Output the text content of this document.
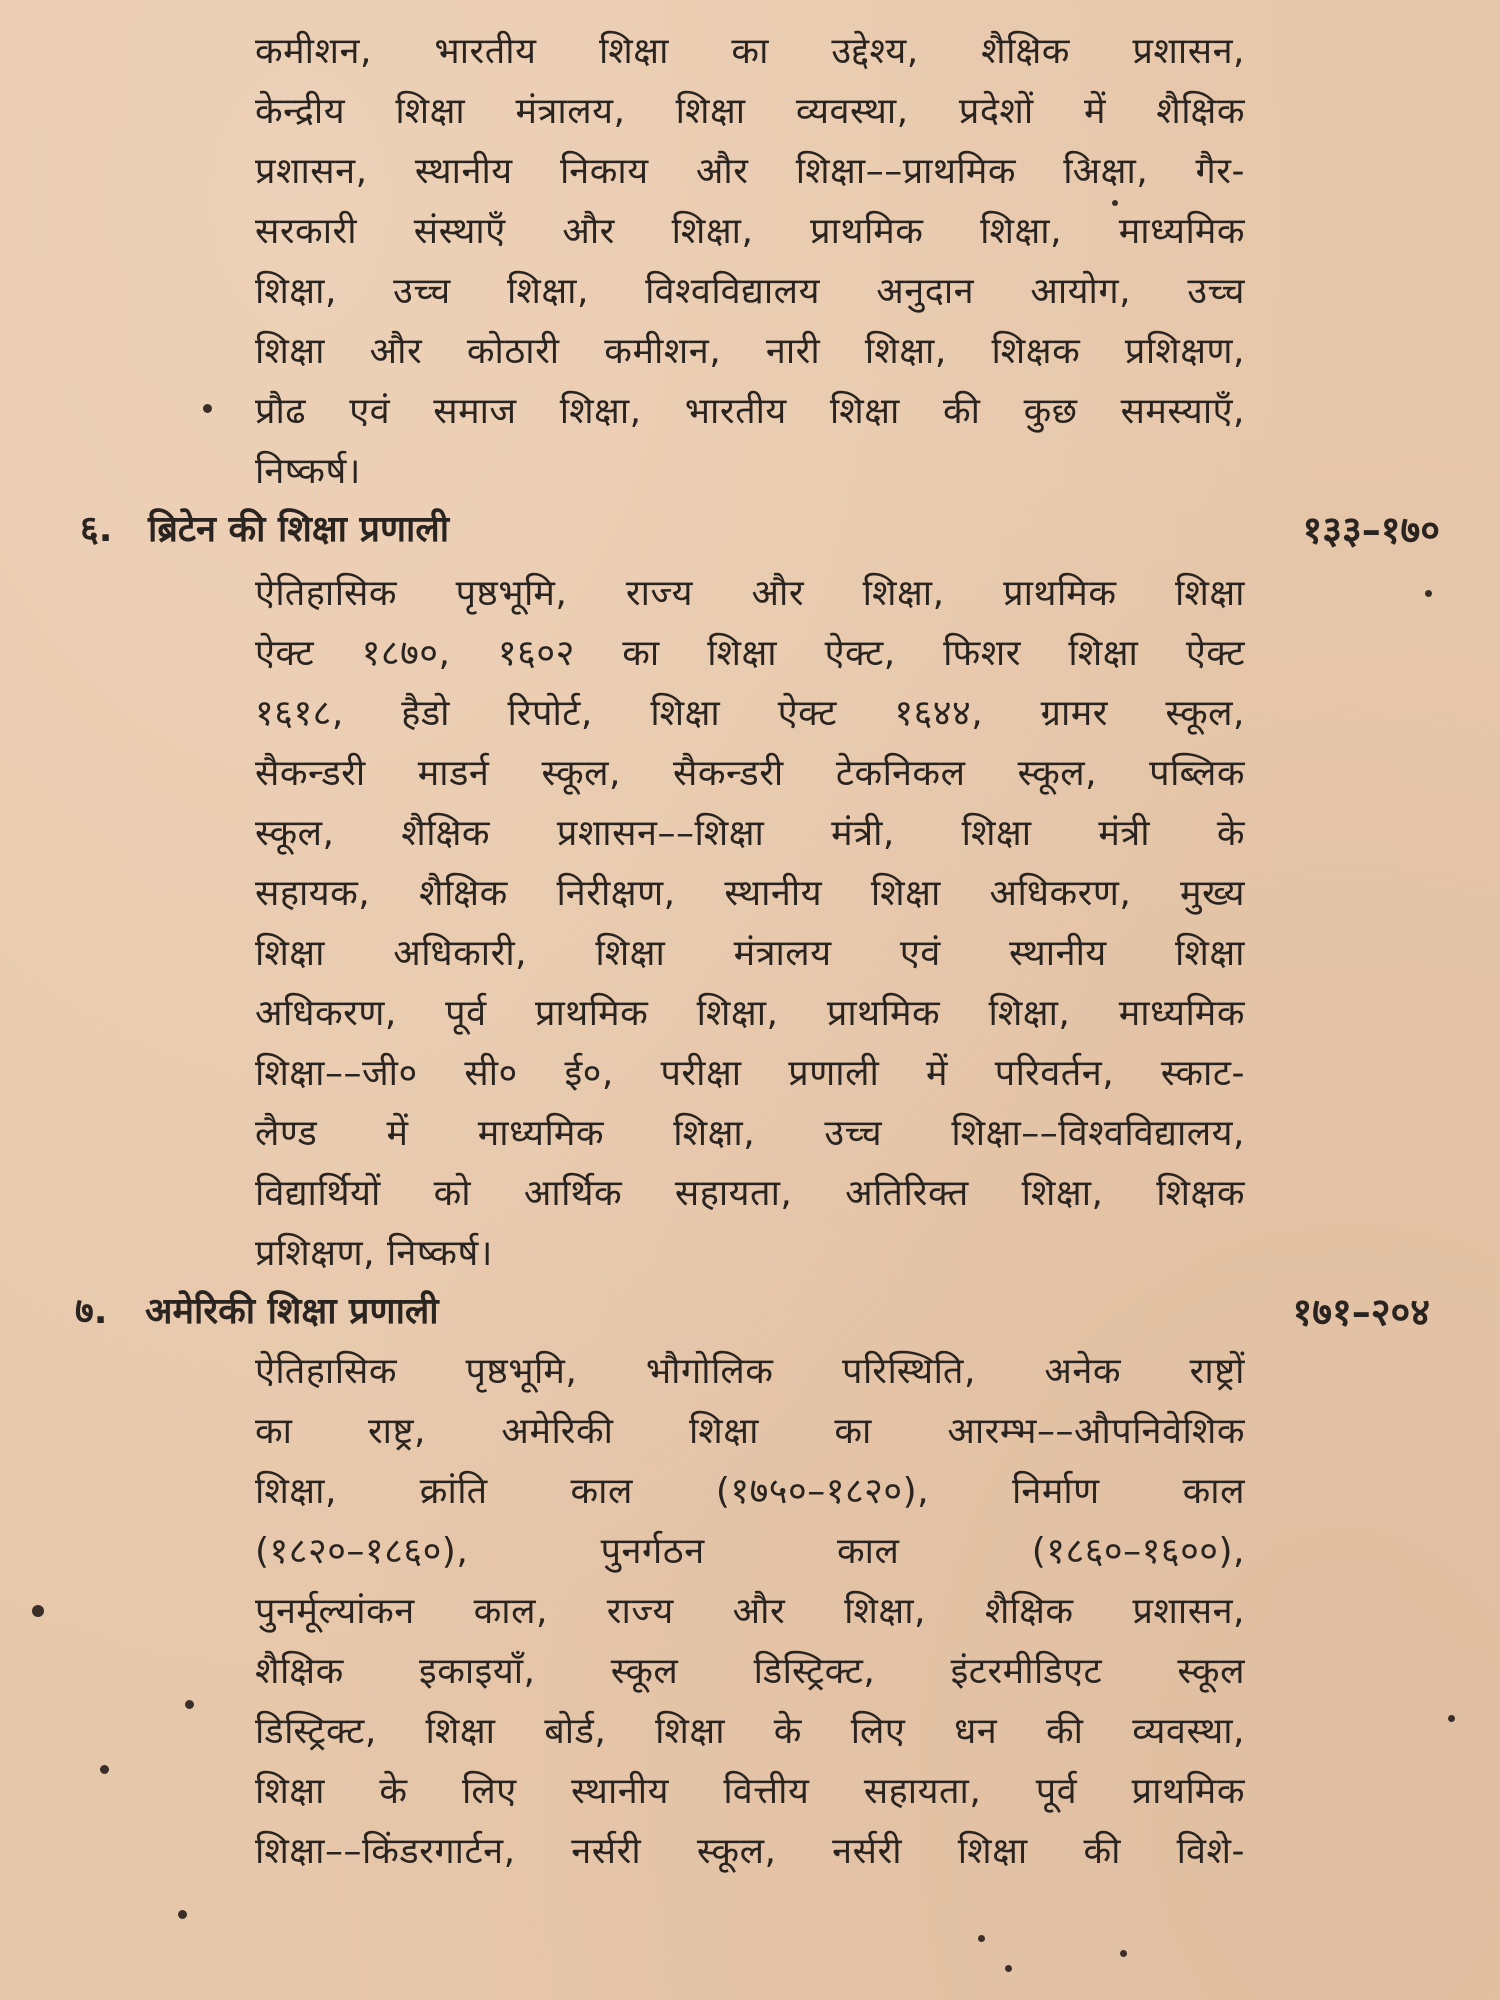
कमीशन, भारतीय शिक्षा का उद्देश्य, शैक्षिक प्रशासन,
केन्द्रीय शिक्षा मंत्रालय, शिक्षा व्यवस्था, प्रदेशों में शैक्षिक
प्रशासन, स्थानीय निकाय और शिक्षा––प्राथमिक अिक्षा, गैर-
सरकारी संस्थाएँ और शिक्षा, प्राथमिक शिक्षा, माध्यमिक
शिक्षा, उच्च शिक्षा, विश्वविद्यालय अनुदान आयोग, उच्च
शिक्षा और कोठारी कमीशन, नारी शिक्षा, शिक्षक प्रशिक्षण,
प्रौढ एवं समाज शिक्षा, भारतीय शिक्षा की कुछ समस्याएँ,
निष्कर्ष।
६. ब्रिटेन की शिक्षा प्रणाली	१३३–१७०
ऐतिहासिक पृष्ठभूमि, राज्य और शिक्षा, प्राथमिक शिक्षा
ऐक्ट १८७०, १६०२ का शिक्षा ऐक्ट, फिशर शिक्षा ऐक्ट
१६१८, हैडो रिपोर्ट, शिक्षा ऐक्ट १६४४, ग्रामर स्कूल,
सैकन्डरी माडर्न स्कूल, सैकन्डरी टेकनिकल स्कूल, पब्लिक
स्कूल, शैक्षिक प्रशासन––शिक्षा मंत्री, शिक्षा मंत्री के
सहायक, शैक्षिक निरीक्षण, स्थानीय शिक्षा अधिकरण, मुख्य
शिक्षा अधिकारी, शिक्षा मंत्रालय एवं स्थानीय शिक्षा
अधिकरण, पूर्व प्राथमिक शिक्षा, प्राथमिक शिक्षा, माध्यमिक
शिक्षा––जी० सी० ई०, परीक्षा प्रणाली में परिवर्तन, स्काट-
लैण्ड में माध्यमिक शिक्षा, उच्च शिक्षा––विश्वविद्यालय,
विद्यार्थियों को आर्थिक सहायता, अतिरिक्त शिक्षा, शिक्षक
प्रशिक्षण, निष्कर्ष।
७. अमेरिकी शिक्षा प्रणाली	१७१–२०४
ऐतिहासिक पृष्ठभूमि, भौगोलिक परिस्थिति, अनेक राष्ट्रों
का राष्ट्र, अमेरिकी शिक्षा का आरम्भ––औपनिवेशिक
शिक्षा, क्रांति काल (१७५०–१८२०), निर्माण काल
(१८२०–१८६०), पुनर्गठन काल (१८६०–१६००),
पुनर्मूल्यांकन काल, राज्य और शिक्षा, शैक्षिक प्रशासन,
शैक्षिक इकाइयाँ, स्कूल डिस्ट्रिक्ट, इंटरमीडिएट स्कूल
डिस्ट्रिक्ट, शिक्षा बोर्ड, शिक्षा के लिए धन की व्यवस्था,
शिक्षा के लिए स्थानीय वित्तीय सहायता, पूर्व प्राथमिक
शिक्षा––किंडरगार्टन, नर्सरी स्कूल, नर्सरी शिक्षा की विशे-
